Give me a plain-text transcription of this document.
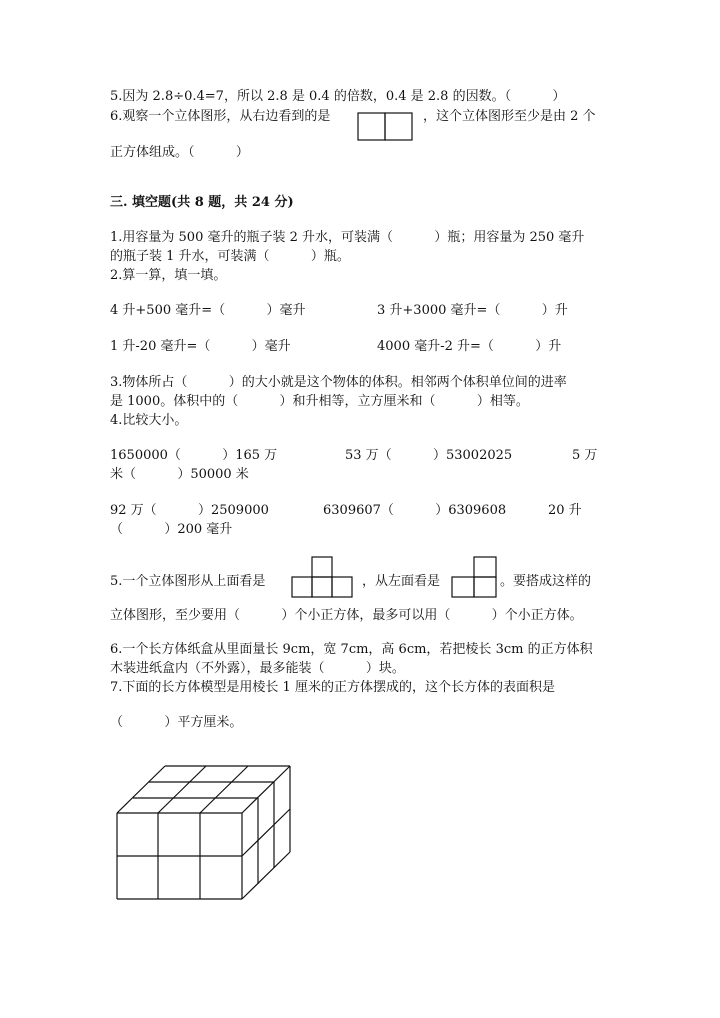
5.因为 2.8÷0.4=7，所以 2.8 是 0.4 的倍数，0.4 是 2.8 的因数。（          ）
6.观察一个立体图形，从右边看到的是	，这个立体图形至少是由 2 个
正方体组成。（          ）
三. 填空题(共 8 题，共 24 分)
1.用容量为 500 毫升的瓶子装 2 升水，可装满（          ）瓶；用容量为 250 毫升
的瓶子装 1 升水，可装满（          ）瓶。
2.算一算，填一填。
4 升+500 毫升=（          ）毫升	3 升+3000 毫升=（          ）升
1 升-20 毫升=（          ）毫升	4000 毫升-2 升=（          ）升
3.物体所占（          ）的大小就是这个物体的体积。相邻两个体积单位间的进率
是 1000。体积中的（          ）和升相等，立方厘米和（          ）相等。
4.比较大小。
1650000（          ）165 万	53 万（          ）53002025	5 万
米（          ）50000 米
92 万（          ）2509000	6309607（          ）6309608	20 升
（          ）200 毫升
5.一个立体图形从上面看是	，从左面看是	。要搭成这样的
立体图形，至少要用（          ）个小正方体，最多可以用（          ）个小正方体。
6.一个长方体纸盒从里面量长 9cm，宽 7cm，高 6cm，若把棱长 3cm 的正方体积
木装进纸盒内（不外露），最多能装（          ）块。
7.下面的长方体模型是用棱长 1 厘米的正方体摆成的，这个长方体的表面积是
（          ）平方厘米。
